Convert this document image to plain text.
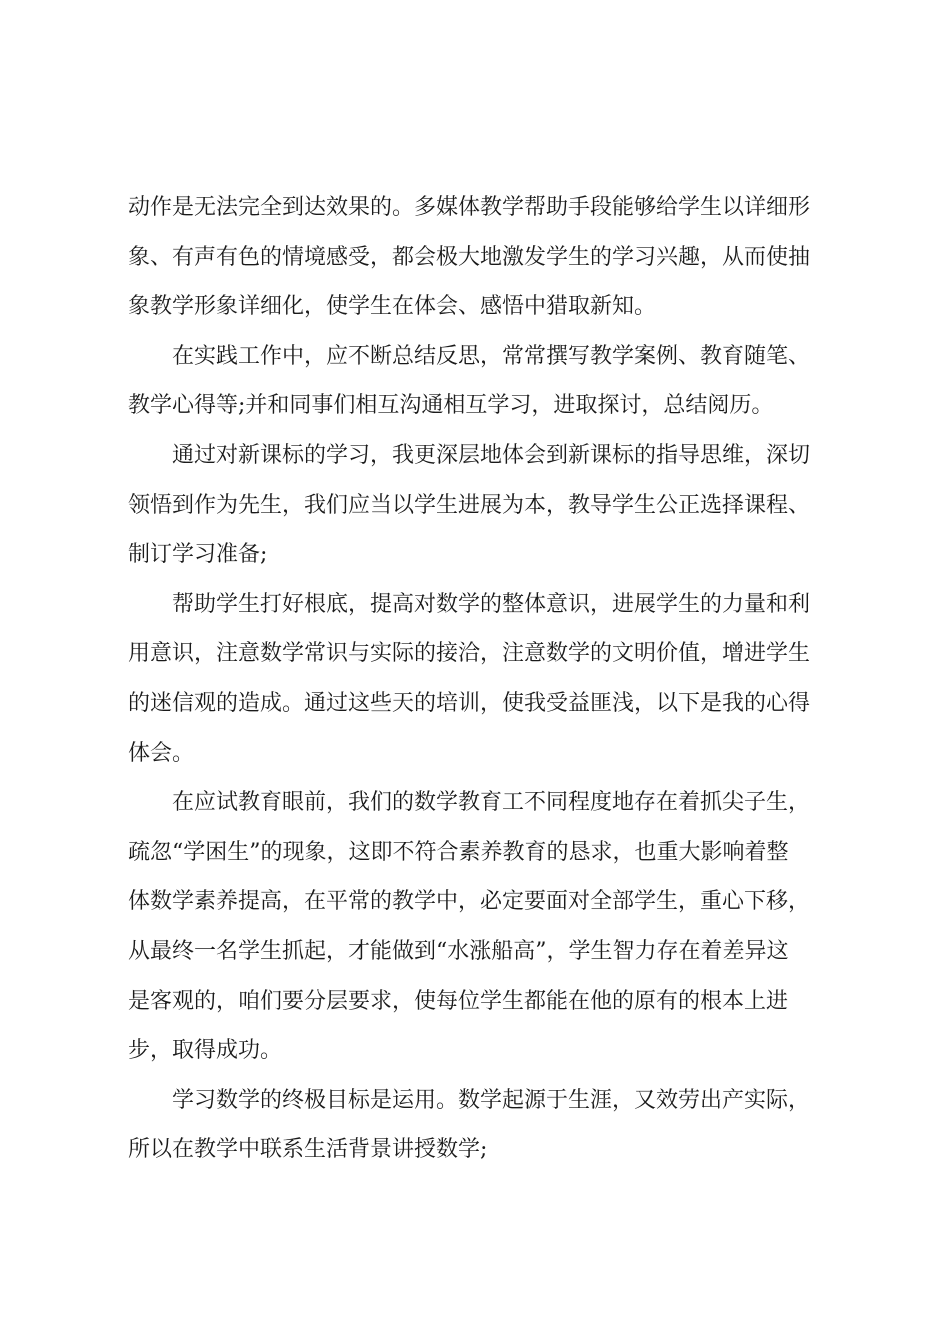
动作是无法完全到达效果的。多媒体教学帮助手段能够给学生以详细形
象、有声有色的情境感受，都会极大地激发学生的学习兴趣，从而使抽
象教学形象详细化，使学生在体会、感悟中猎取新知。
在实践工作中，应不断总结反思，常常撰写教学案例、教育随笔、
教学心得等;并和同事们相互沟通相互学习，进取探讨，总结阅历。
通过对新课标的学习，我更深层地体会到新课标的指导思维，深切
领悟到作为先生，我们应当以学生进展为本，教导学生公正选择课程、
制订学习准备;
帮助学生打好根底，提高对数学的整体意识，进展学生的力量和利
用意识，注意数学常识与实际的接洽，注意数学的文明价值，增进学生
的迷信观的造成。通过这些天的培训，使我受益匪浅，以下是我的心得
体会。
在应试教育眼前，我们的数学教育工不同程度地存在着抓尖子生，
疏忽“学困生”的现象，这即不符合素养教育的恳求，也重大影响着整
体数学素养提高，在平常的教学中，必定要面对全部学生，重心下移，
从最终一名学生抓起，才能做到“水涨船高”，学生智力存在着差异这
是客观的，咱们要分层要求，使每位学生都能在他的原有的根本上进
步，取得成功。
学习数学的终极目标是运用。数学起源于生涯，又效劳出产实际，
所以在教学中联系生活背景讲授数学;
